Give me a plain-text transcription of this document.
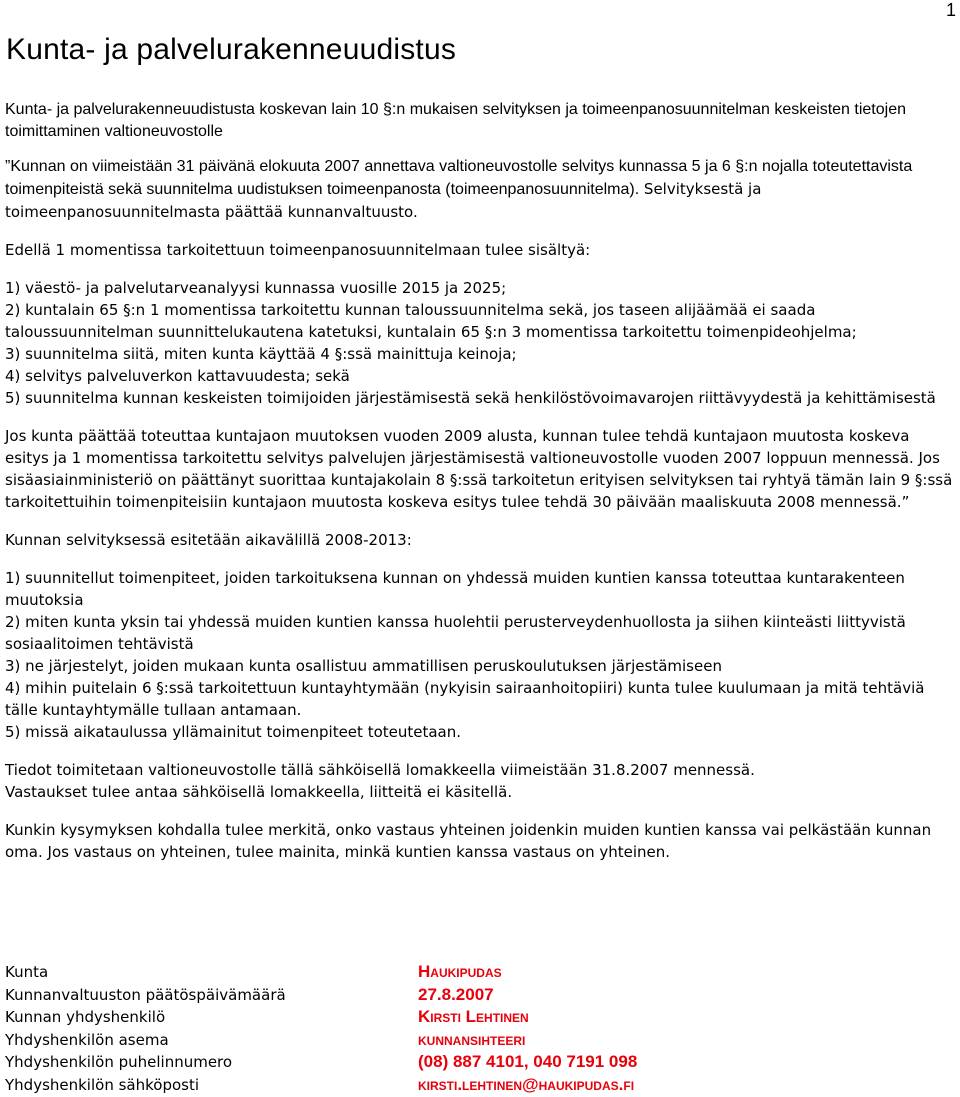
1
Kunta- ja palvelurakenneuudistus

Kunta- ja palvelurakenneuudistusta koskevan lain 10 §:n mukaisen selvityksen ja toimeenpanosuunnitelman keskeisten tietojen toimittaminen valtioneuvostolle

”Kunnan on viimeistään 31 päivänä elokuuta 2007 annettava valtioneuvostolle selvitys kunnassa 5 ja 6 §:n nojalla toteutettavista toimenpiteistä sekä suunnitelma uudistuksen toimeenpanosta (toimeenpanosuunnitelma). Selvityksestä ja toimeenpanosuunnitelmasta päättää kunnanvaltuusto.

Edellä 1 momentissa tarkoitettuun toimeenpanosuunnitelmaan tulee sisältyä:

1) väestö- ja palvelutarveanalyysi kunnassa vuosille 2015 ja 2025;
2) kuntalain 65 §:n 1 momentissa tarkoitettu kunnan taloussuunnitelma sekä, jos taseen alijäämää ei saada taloussuunnitelman suunnittelukautena katetuksi, kuntalain 65 §:n 3 momentissa tarkoitettu toimenpideohjelma;
3) suunnitelma siitä, miten kunta käyttää 4 §:ssä mainittuja keinoja;
4) selvitys palveluverkon kattavuudesta; sekä
5) suunnitelma kunnan keskeisten toimijoiden järjestämisestä sekä henkilöstövoimavarojen riittävyydestä ja kehittämisestä

Jos kunta päättää toteuttaa kuntajaon muutoksen vuoden 2009 alusta, kunnan tulee tehdä kuntajaon muutosta koskeva esitys ja 1 momentissa tarkoitettu selvitys palvelujen järjestämisestä valtioneuvostolle vuoden 2007 loppuun mennessä. Jos sisäasiainministeriö on päättänyt suorittaa kuntajakolain 8 §:ssä tarkoitetun erityisen selvityksen tai ryhtyä tämän lain 9 §:ssä tarkoitettuihin toimenpiteisiin kuntajaon muutosta koskeva esitys tulee tehdä 30 päivään maaliskuuta 2008 mennessä.”

Kunnan selvityksessä esitetään aikavälillä 2008-2013:

1) suunnitellut toimenpiteet, joiden tarkoituksena kunnan on yhdessä muiden kuntien kanssa toteuttaa kuntarakenteen muutoksia
2) miten kunta yksin tai yhdessä muiden kuntien kanssa huolehtii perusterveydenhuollosta ja siihen kiinteästi liittyvistä sosiaalitoimen tehtävistä
3) ne järjestelyt, joiden mukaan kunta osallistuu ammatillisen peruskoulutuksen järjestämiseen
4) mihin puitelain 6 §:ssä tarkoitettuun kuntayhtymään (nykyisin sairaanhoitopiiri) kunta tulee kuulumaan ja mitä tehtäviä tälle kuntayhtymälle tullaan antamaan.
5) missä aikataulussa yllämainitut toimenpiteet toteutetaan.

Tiedot toimitetaan valtioneuvostolle tällä sähköisellä lomakkeella viimeistään 31.8.2007 mennessä.
Vastaukset tulee antaa sähköisellä lomakkeella, liitteitä ei käsitellä.

Kunkin kysymyksen kohdalla tulee merkitä, onko vastaus yhteinen joidenkin muiden kuntien kanssa vai pelkästään kunnan oma. Jos vastaus on yhteinen, tulee mainita, minkä kuntien kanssa vastaus on yhteinen.

Kunta	Haukipudas
Kunnanvaltuuston päätöspäivämäärä	27.8.2007
Kunnan yhdyshenkilö	Kirsti Lehtinen
Yhdyshenkilön asema	kunnansihteeri
Yhdyshenkilön puhelinnumero	(08) 887 4101, 040 7191 098
Yhdyshenkilön sähköposti	kirsti.lehtinen@haukipudas.fi
